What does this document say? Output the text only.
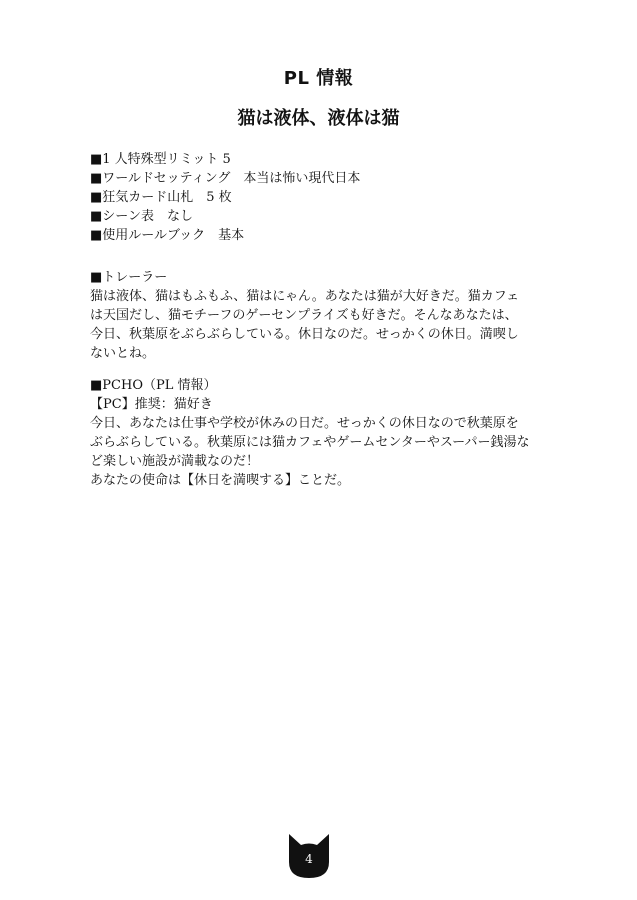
PL 情報
猫は液体、液体は猫
■1 人特殊型リミット 5
■ワールドセッティング　本当は怖い現代日本
■狂気カード山札　5 枚
■シーン表　なし
■使用ルールブック　基本
■トレーラー
猫は液体、猫はもふもふ、猫はにゃん。あなたは猫が大好きだ。猫カフェは天国だし、猫モチーフのゲーセンプライズも好きだ。そんなあなたは、今日、秋葉原をぶらぶらしている。休日なのだ。せっかくの休日。満喫しないとね。
■PCHO（PL 情報）
【PC】推奨：猫好き
今日、あなたは仕事や学校が休みの日だ。せっかくの休日なので秋葉原をぶらぶらしている。秋葉原には猫カフェやゲームセンターやスーパー銭湯など楽しい施設が満載なのだ！
あなたの使命は【休日を満喫する】ことだ。
4
